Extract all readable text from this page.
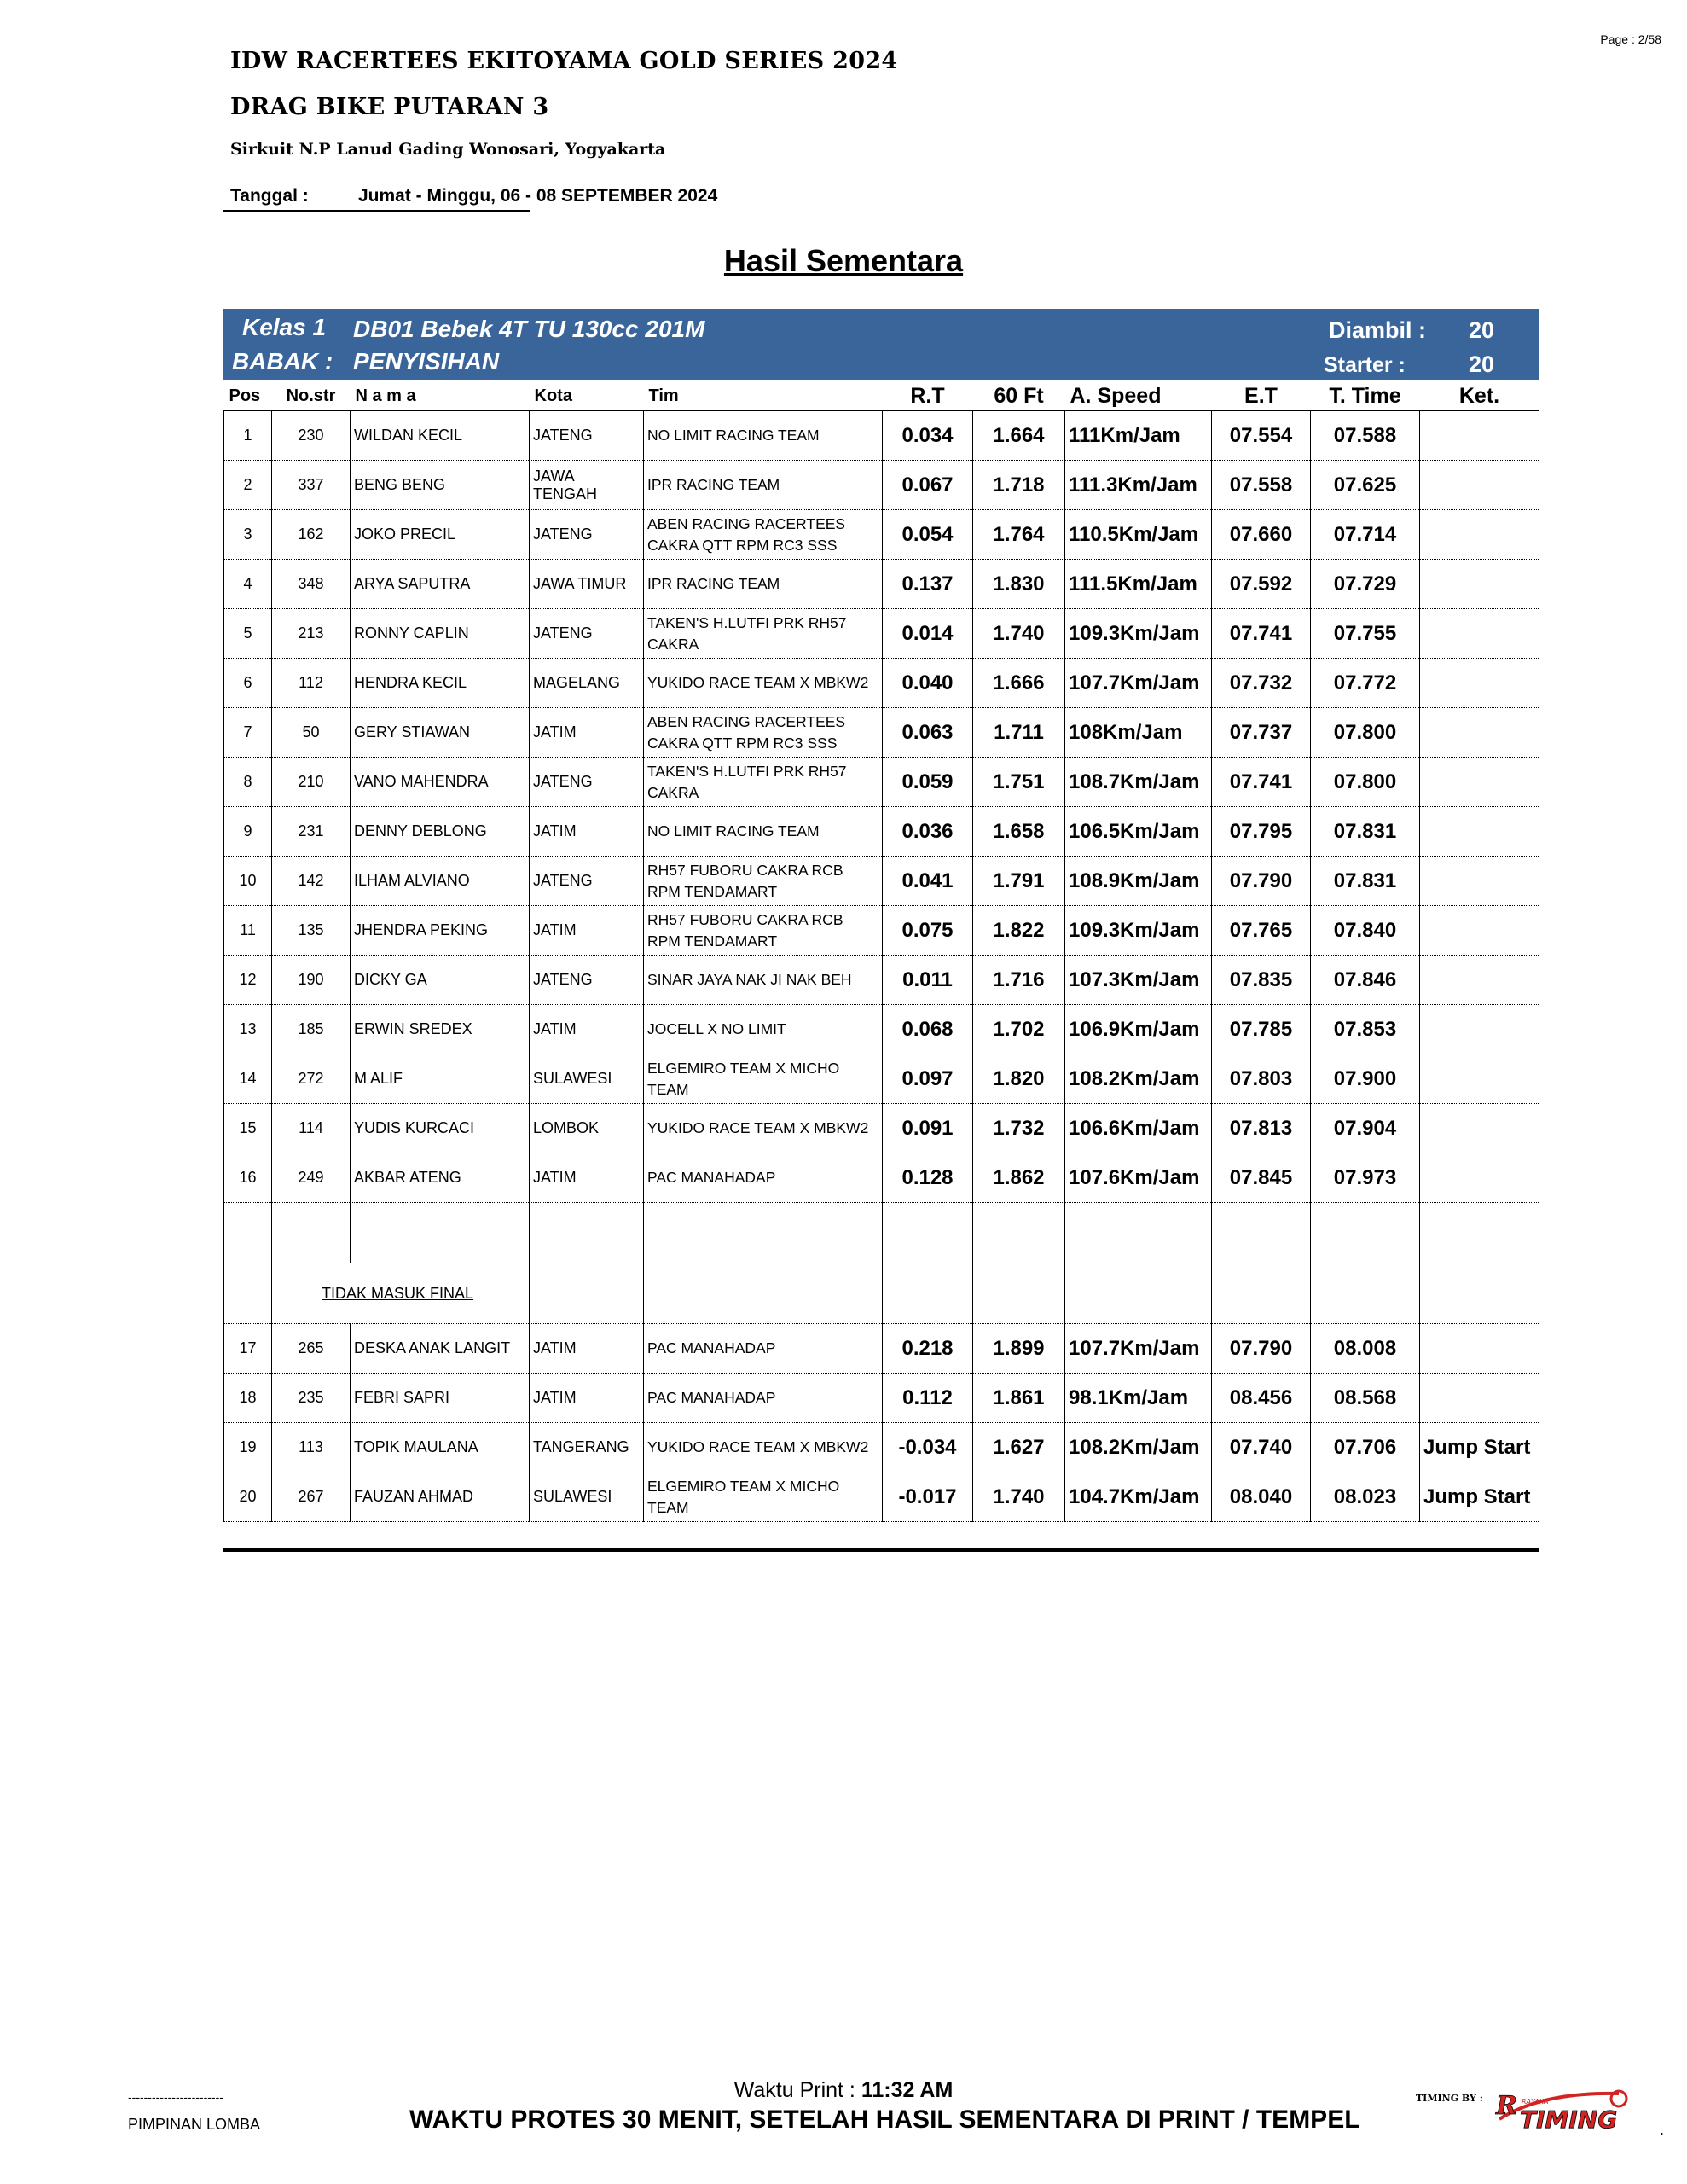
Page : 2/58
IDW RACERTEES EKITOYAMA GOLD SERIES 2024
DRAG BIKE PUTARAN 3
Sirkuit N.P Lanud Gading Wonosari, Yogyakarta
Tanggal :	Jumat - Minggu, 06 - 08 SEPTEMBER 2024
Hasil Sementara
Kelas 1 DB01 Bebek 4T TU 130cc 201M
BABAK : PENYISIHAN
Diambil : 20
Starter :	20
Pos	No.str	N a m a	Kota	Tim	R.T	60 Ft	A. Speed	E.T	T. Time	Ket.
1	230	WILDAN KECIL	JATENG	NO LIMIT RACING TEAM	0.034	1.664	111Km/Jam	07.554	07.588	
2	337	BENG BENG	JAWA TENGAH	IPR RACING TEAM	0.067	1.718	111.3Km/Jam	07.558	07.625	
3	162	JOKO PRECIL	JATENG	ABEN RACING RACERTEES CAKRA QTT RPM RC3 SSS	0.054	1.764	110.5Km/Jam	07.660	07.714	
4	348	ARYA SAPUTRA	JAWA TIMUR	IPR RACING TEAM	0.137	1.830	111.5Km/Jam	07.592	07.729	
5	213	RONNY CAPLIN	JATENG	TAKEN'S H.LUTFI PRK RH57 CAKRA	0.014	1.740	109.3Km/Jam	07.741	07.755	
6	112	HENDRA KECIL	MAGELANG	YUKIDO RACE TEAM X MBKW2	0.040	1.666	107.7Km/Jam	07.732	07.772	
7	50	GERY STIAWAN	JATIM	ABEN RACING RACERTEES CAKRA QTT RPM RC3 SSS	0.063	1.711	108Km/Jam	07.737	07.800	
8	210	VANO MAHENDRA	JATENG	TAKEN'S H.LUTFI PRK RH57 CAKRA	0.059	1.751	108.7Km/Jam	07.741	07.800	
9	231	DENNY DEBLONG	JATIM	NO LIMIT RACING TEAM	0.036	1.658	106.5Km/Jam	07.795	07.831	
10	142	ILHAM ALVIANO	JATENG	RH57 FUBORU CAKRA RCB RPM TENDAMART	0.041	1.791	108.9Km/Jam	07.790	07.831	
11	135	JHENDRA PEKING	JATIM	RH57 FUBORU CAKRA RCB RPM TENDAMART	0.075	1.822	109.3Km/Jam	07.765	07.840	
12	190	DICKY GA	JATENG	SINAR JAYA NAK JI NAK BEH	0.011	1.716	107.3Km/Jam	07.835	07.846	
13	185	ERWIN SREDEX	JATIM	JOCELL X NO LIMIT	0.068	1.702	106.9Km/Jam	07.785	07.853	
14	272	M ALIF	SULAWESI	ELGEMIRO TEAM X MICHO TEAM	0.097	1.820	108.2Km/Jam	07.803	07.900	
15	114	YUDIS KURCACI	LOMBOK	YUKIDO RACE TEAM X MBKW2	0.091	1.732	106.6Km/Jam	07.813	07.904	
16	249	AKBAR ATENG	JATIM	PAC MANAHADAP	0.128	1.862	107.6Km/Jam	07.845	07.973	

	TIDAK MASUK FINAL									
17	265	DESKA ANAK LANGIT	JATIM	PAC MANAHADAP	0.218	1.899	107.7Km/Jam	07.790	08.008	
18	235	FEBRI SAPRI	JATIM	PAC MANAHADAP	0.112	1.861	98.1Km/Jam	08.456	08.568	
19	113	TOPIK MAULANA	TANGERANG	YUKIDO RACE TEAM X MBKW2	-0.034	1.627	108.2Km/Jam	07.740	07.706	Jump Start
20	267	FAUZAN AHMAD	SULAWESI	ELGEMIRO TEAM X MICHO TEAM	-0.017	1.740	104.7Km/Jam	08.040	08.023	Jump Start
------------------------
PIMPINAN LOMBA
Waktu Print : 11:32 AM
WAKTU PROTES 30 MENIT, SETELAH HASIL SEMENTARA DI PRINT / TEMPEL
TIMING BY :	RAYAKA
R TIMING	.
